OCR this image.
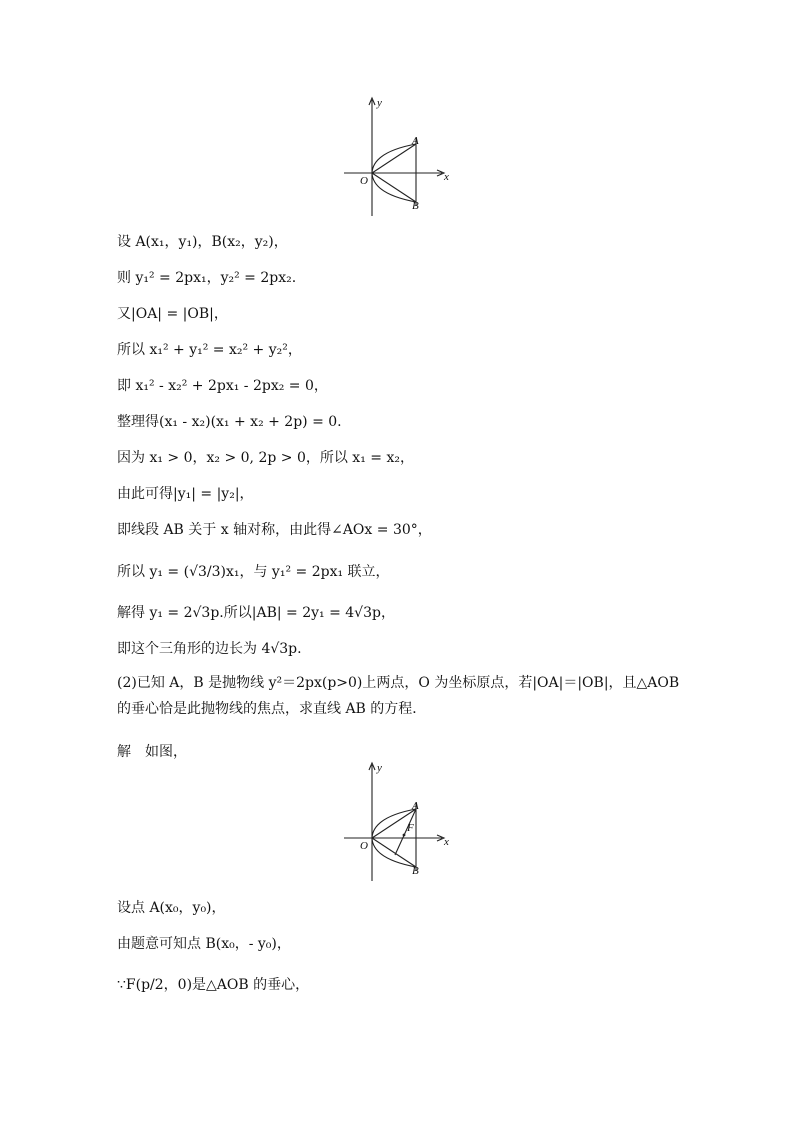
y
x
O
A
B
设 A(x₁，y₁)，B(x₂，y₂)，
则 y₁² = 2px₁，y₂² = 2px₂.
又|OA| = |OB|，
所以 x₁² + y₁² = x₂² + y₂²，
即 x₁² - x₂² + 2px₁ - 2px₂ = 0，
整理得(x₁ - x₂)(x₁ + x₂ + 2p) = 0.
因为 x₁ > 0，x₂ > 0, 2p > 0，所以 x₁ = x₂，
由此可得|y₁| = |y₂|，
即线段 AB 关于 x 轴对称，由此得∠AOx = 30°，
所以 y₁ = (√3/3)x₁，与 y₁² = 2px₁ 联立，
解得 y₁ = 2√3p.所以|AB| = 2y₁ = 4√3p，
即这个三角形的边长为 4√3p.
(2)已知 A，B 是抛物线 y²＝2px(p>0)上两点，O 为坐标原点，若|OA|＝|OB|，且△AOB 的垂心恰是此抛物线的焦点，求直线 AB 的方程．
解　如图，
y
x
O
A
B
F
设点 A(x₀，y₀)，
由题意可知点 B(x₀，- y₀)，
∵F(p/2，0)是△AOB 的垂心，
